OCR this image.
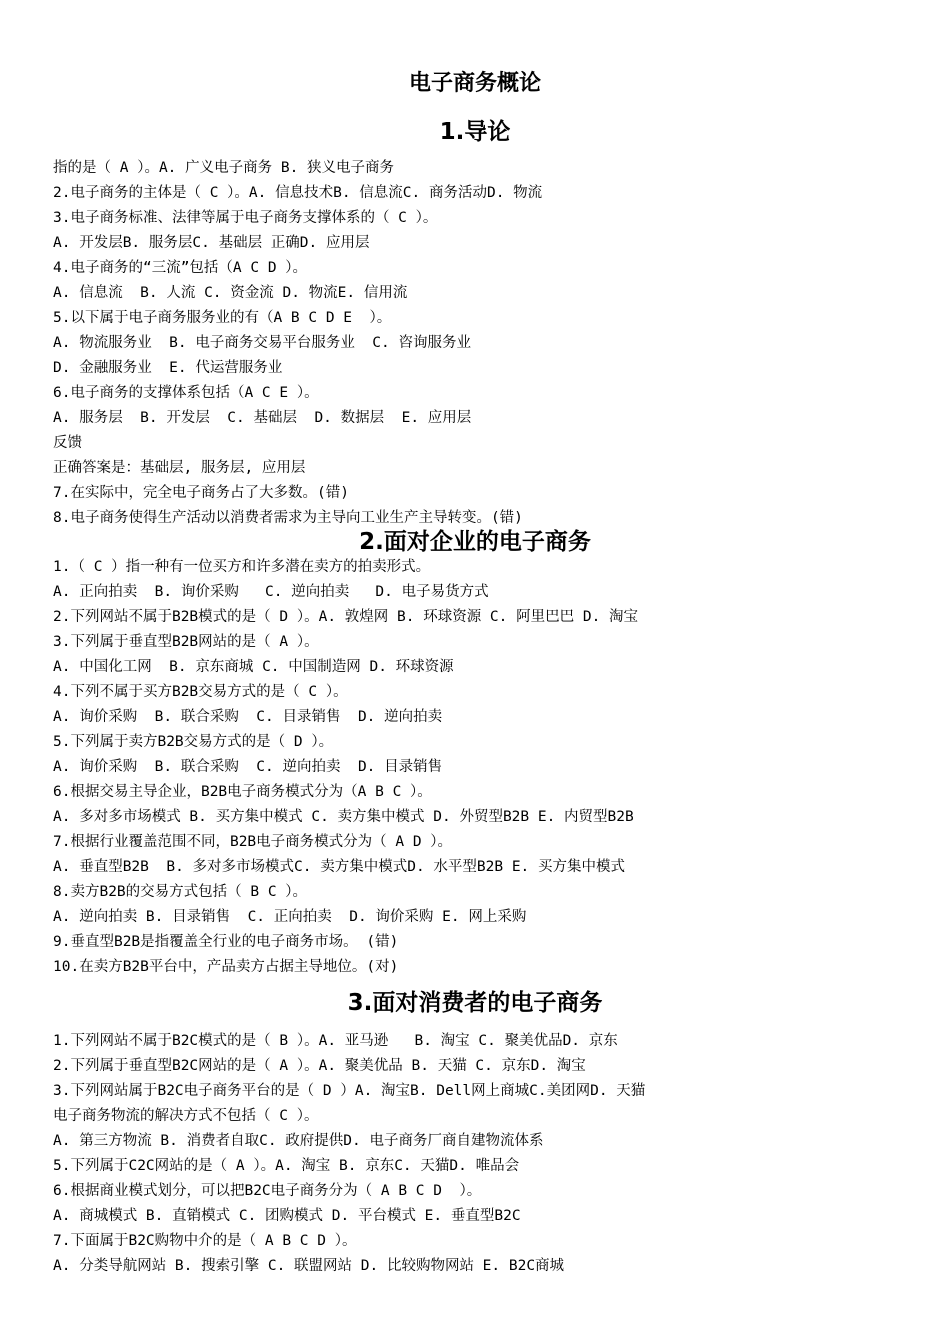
电子商务概论
1.导论
指的是（ A ）。A. 广义电子商务 B. 狭义电子商务
2.电子商务的主体是（ C ）。A. 信息技术B. 信息流C. 商务活动D. 物流
3.电子商务标准、法律等属于电子商务支撑体系的（ C ）。
A. 开发层B. 服务层C. 基础层 正确D. 应用层
4.电子商务的“三流”包括（A C D ）。
A. 信息流  B. 人流 C. 资金流 D. 物流E. 信用流
5.以下属于电子商务服务业的有（A B C D E  ）。
A. 物流服务业  B. 电子商务交易平台服务业  C. 咨询服务业
D. 金融服务业  E. 代运营服务业
6.电子商务的支撑体系包括（A C E ）。
A. 服务层  B. 开发层  C. 基础层  D. 数据层  E. 应用层
反馈
正确答案是：基础层, 服务层, 应用层
7.在实际中，完全电子商务占了大多数。(错)
8.电子商务使得生产活动以消费者需求为主导向工业生产主导转变。(错)
2.面对企业的电子商务
1.（ C ）指一种有一位买方和许多潜在卖方的拍卖形式。
A. 正向拍卖  B. 询价采购   C. 逆向拍卖   D. 电子易货方式
2.下列网站不属于B2B模式的是（ D ）。A. 敦煌网 B. 环球资源 C. 阿里巴巴 D. 淘宝
3.下列属于垂直型B2B网站的是（ A ）。
A. 中国化工网  B. 京东商城 C. 中国制造网 D. 环球资源
4.下列不属于买方B2B交易方式的是（ C ）。
A. 询价采购  B. 联合采购  C. 目录销售  D. 逆向拍卖
5.下列属于卖方B2B交易方式的是（ D ）。
A. 询价采购  B. 联合采购  C. 逆向拍卖  D. 目录销售
6.根据交易主导企业，B2B电子商务模式分为（A B C ）。
A. 多对多市场模式 B. 买方集中模式 C. 卖方集中模式 D. 外贸型B2B E. 内贸型B2B
7.根据行业覆盖范围不同，B2B电子商务模式分为（ A D ）。
A. 垂直型B2B  B. 多对多市场模式C. 卖方集中模式D. 水平型B2B E. 买方集中模式
8.卖方B2B的交易方式包括（ B C ）。
A. 逆向拍卖 B. 目录销售  C. 正向拍卖  D. 询价采购 E. 网上采购
9.垂直型B2B是指覆盖全行业的电子商务市场。 (错)
10.在卖方B2B平台中，产品卖方占据主导地位。(对)
3.面对消费者的电子商务
1.下列网站不属于B2C模式的是（ B ）。A. 亚马逊   B. 淘宝 C. 聚美优品D. 京东
2.下列属于垂直型B2C网站的是（ A ）。A. 聚美优品 B. 天猫 C. 京东D. 淘宝
3.下列网站属于B2C电子商务平台的是（ D ）A. 淘宝B. Dell网上商城C.美团网D. 天猫
电子商务物流的解决方式不包括（ C ）。
A. 第三方物流 B. 消费者自取C. 政府提供D. 电子商务厂商自建物流体系
5.下列属于C2C网站的是（ A ）。A. 淘宝 B. 京东C. 天猫D. 唯品会
6.根据商业模式划分，可以把B2C电子商务分为（ A B C D  ）。
A. 商城模式 B. 直销模式 C. 团购模式 D. 平台模式 E. 垂直型B2C
7.下面属于B2C购物中介的是（ A B C D ）。
A. 分类导航网站 B. 搜索引擎 C. 联盟网站 D. 比较购物网站 E. B2C商城
